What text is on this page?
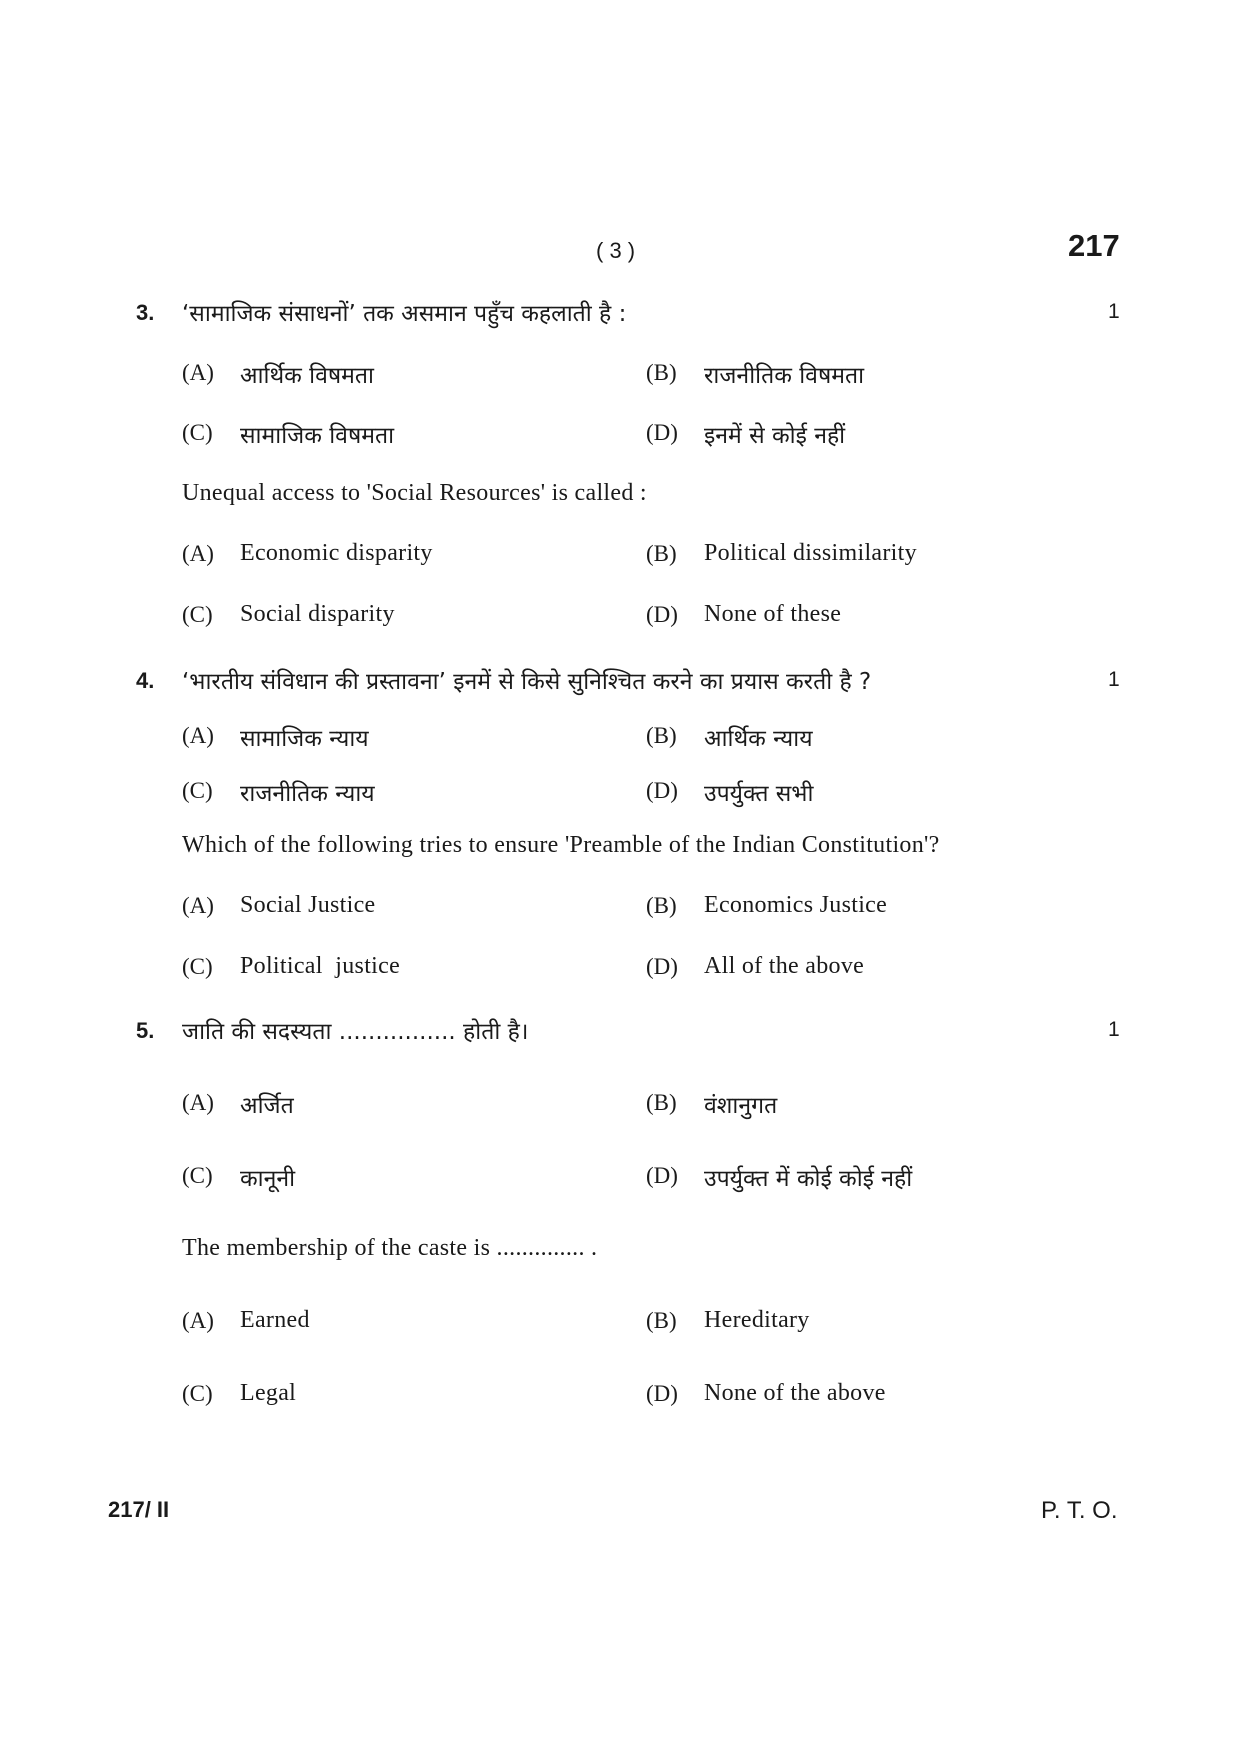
( 3 )	217
3. ‘सामाजिक संसाधनों’ तक असमान पहुँच कहलाती है :	1
(A) आर्थिक विषमता	(B) राजनीतिक विषमता
(C) सामाजिक विषमता	(D) इनमें से कोई नहीं
Unequal access to 'Social Resources' is called :
(A) Economic disparity	(B) Political dissimilarity
(C) Social disparity	(D) None of these
4. ‘भारतीय संविधान की प्रस्तावना’ इनमें से किसे सुनिश्चित करने का प्रयास करती है ?	1
(A) सामाजिक न्याय	(B) आर्थिक न्याय
(C) राजनीतिक न्याय	(D) उपर्युक्त सभी
Which of the following tries to ensure 'Preamble of the Indian Constitution'?
(A) Social Justice	(B) Economics Justice
(C) Political  justice	(D) All of the above
5. जाति की सदस्यता ................ होती है।	1
(A) अर्जित	(B) वंशानुगत
(C) कानूनी	(D) उपर्युक्त में कोई कोई नहीं
The membership of the caste is .............. .
(A) Earned	(B) Hereditary
(C) Legal	(D) None of the above
217/ II	P. T. O.
